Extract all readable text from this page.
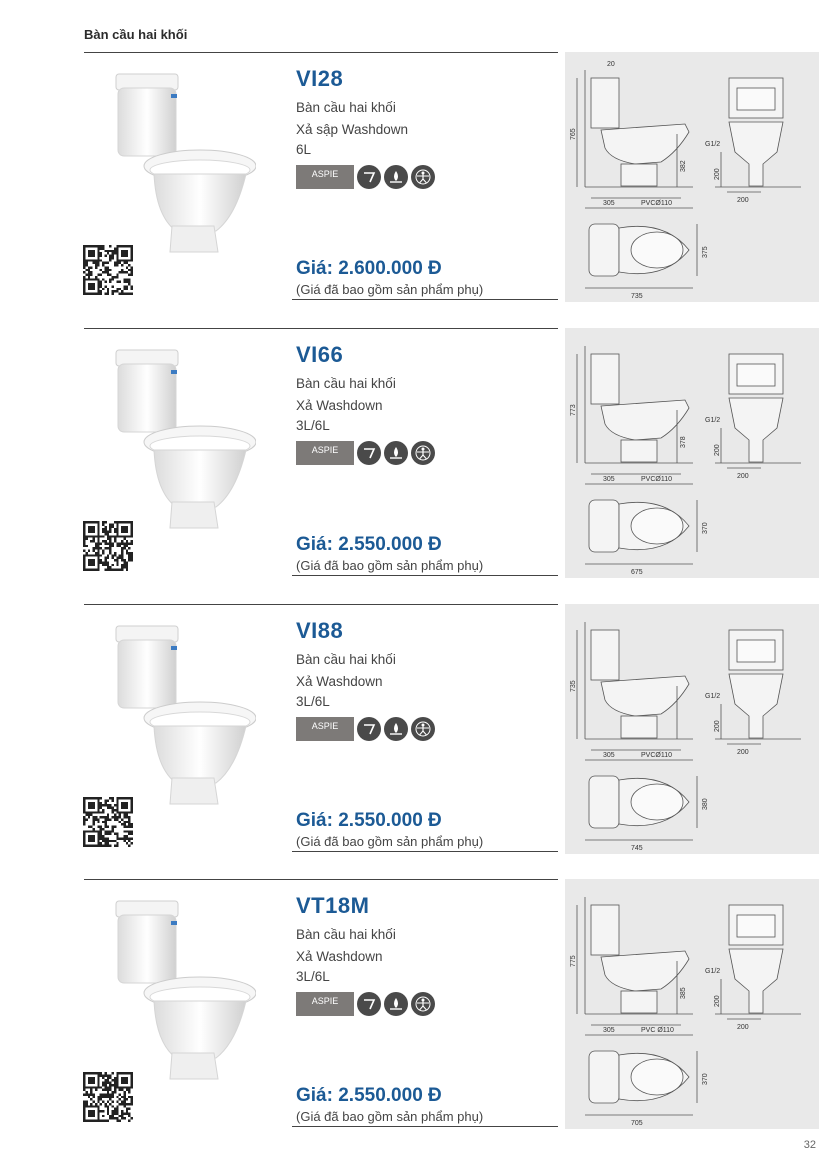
Bàn cầu hai khối
VI28
Bàn cầu hai khối
Xả sập Washdown
6L
ASPIE

Giá: 2.600.000 Đ
(Giá đã bao gồm sản phẩm phụ)
20
765
382
G1/2
200
200
305	PVCØ110
735
375
VI66
Bàn cầu hai khối
Xả Washdown
3L/6L
ASPIE

Giá: 2.550.000 Đ
(Giá đã bao gồm sản phẩm phụ)
773
378
G1/2
200
200
305	PVCØ110
675
370
VI88
Bàn cầu hai khối
Xả Washdown
3L/6L
ASPIE

Giá: 2.550.000 Đ
(Giá đã bao gồm sản phẩm phụ)
735
G1/2
200
200
305	PVCØ110
745
380
VT18M
Bàn cầu hai khối
Xả Washdown
3L/6L
ASPIE

Giá: 2.550.000 Đ
(Giá đã bao gồm sản phẩm phụ)
775
385
G1/2
200
200
305	PVC Ø110
705
370
32
